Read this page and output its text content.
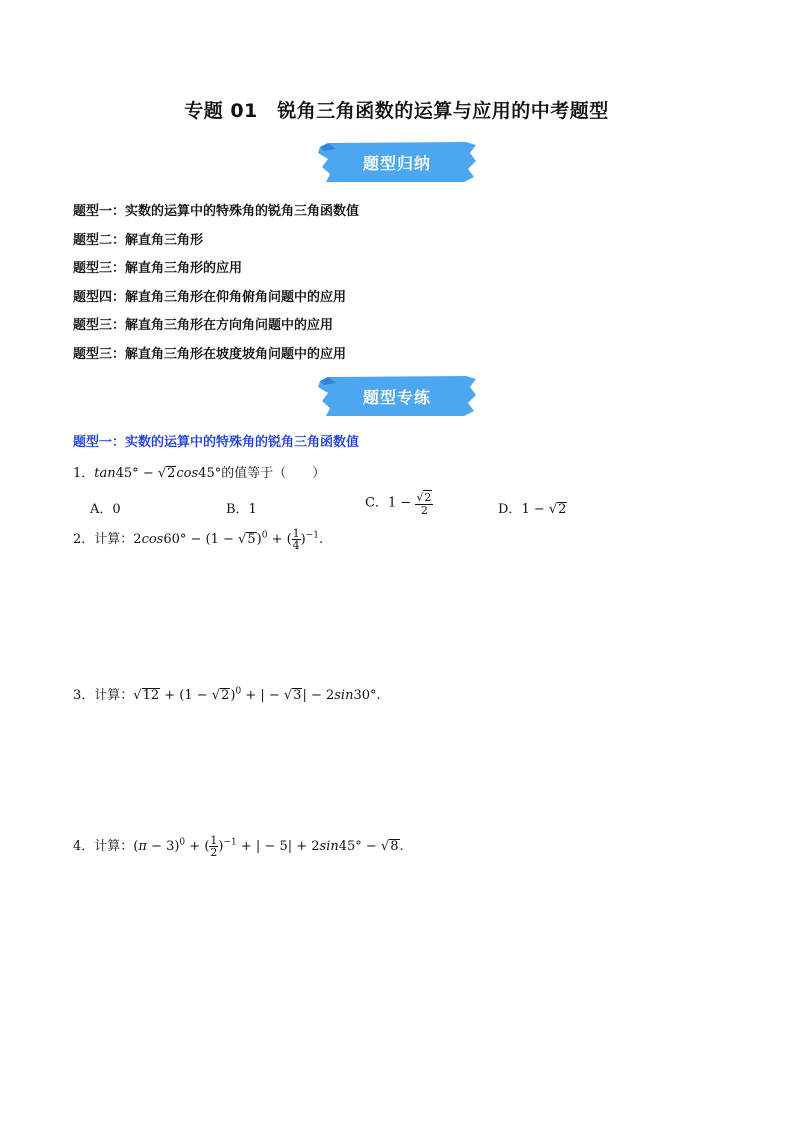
专题 01　锐角三角函数的运算与应用的中考题型
题型归纳
题型一：实数的运算中的特殊角的锐角三角函数值
题型二：解直角三角形
题型三：解直角三角形的应用
题型四：解直角三角形在仰角俯角问题中的应用
题型三：解直角三角形在方向角问题中的应用
题型三：解直角三角形在坡度坡角问题中的应用
题型专练
题型一：实数的运算中的特殊角的锐角三角函数值
1．tan45° − √2cos45°的值等于（　　）
A．0	B．1	C．$1 - \frac{√2}{2}$	D．1 − √2
2．计算：$2\cos 60^\circ - (1 - √5)^0$ + ( $\frac{1}{4} )^{-1}$.
3．计算：$√12 + (1 - √2)^0$ + | − √3| − 2sin30°.
4．计算：$(\pi - 3)^0$ + ( $\frac{1}{2} )^{-1}$ + | − 5| + 2sin45° − √8.
